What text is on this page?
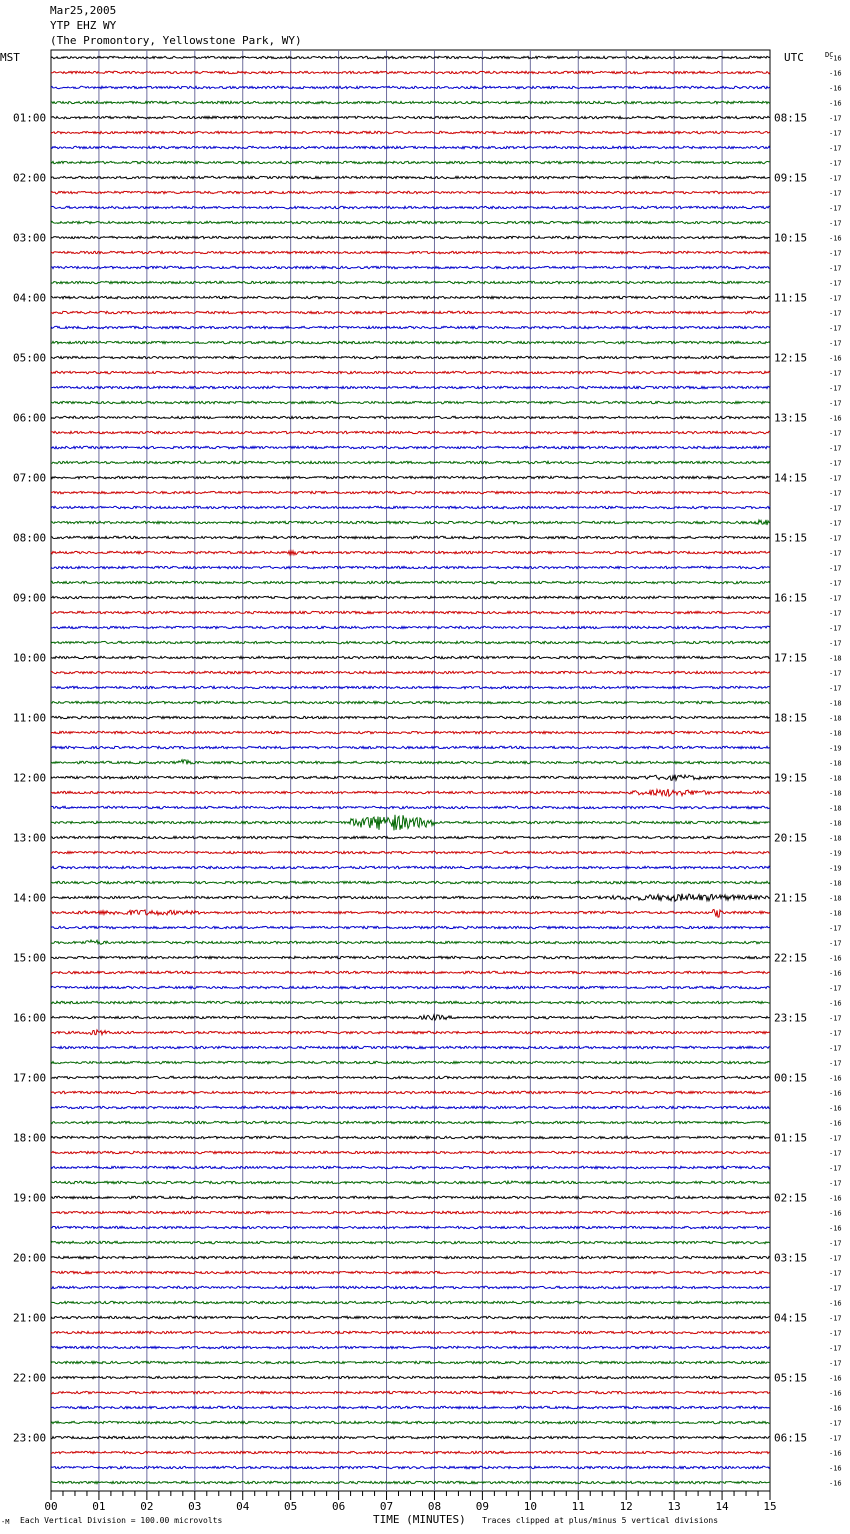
Mar25,2005
YTP EHZ WY
(The Promontory, Yellowstone Park, WY)
-16
-16
-16
-16
-17
-17
-17
-17
-17
-17
-17
-17
-16
-17
-17
-17
-17
-17
-17
-17
-16
-17
-17
-17
-16
-17
-17
-17
-17
-17
-17
-17
-17
-17
-17
-17
-17
-17
-17
-17
-18
-17
-17
-18
-18
-18
-19
-18
-18
-18
-18
-18
-18
-19
-19
-18
-18
-18
-17
-17
-16
-16
-17
-16
-17
-17
-17
-17
-16
-16
-16
-16
-17
-17
-17
-17
-16
-16
-16
-17
-17
-17
-17
-16
-17
-17
-17
-17
-16
-16
-16
-17
-17
-16
-16
-16
01:00	08:15
02:00	09:15
03:00	10:15
04:00	11:15
05:00	12:15
06:00	13:15
07:00	14:15
08:00	15:15
09:00	16:15
10:00	17:15
11:00	18:15
12:00	19:15
13:00	20:15
14:00	21:15
15:00	22:15
16:00	23:15
17:00	00:15
18:00	01:15
19:00	02:15
20:00	03:15
21:00	04:15
22:00	05:15
23:00	06:15
00	01	02	03	04	05	06	07	08	09	10	11	12	13	14	15
MST	UTC	DC
TIME (MINUTES)
Each Vertical Division = 100.00 microvolts	Traces clipped at plus/minus 5 vertical divisions
-M
